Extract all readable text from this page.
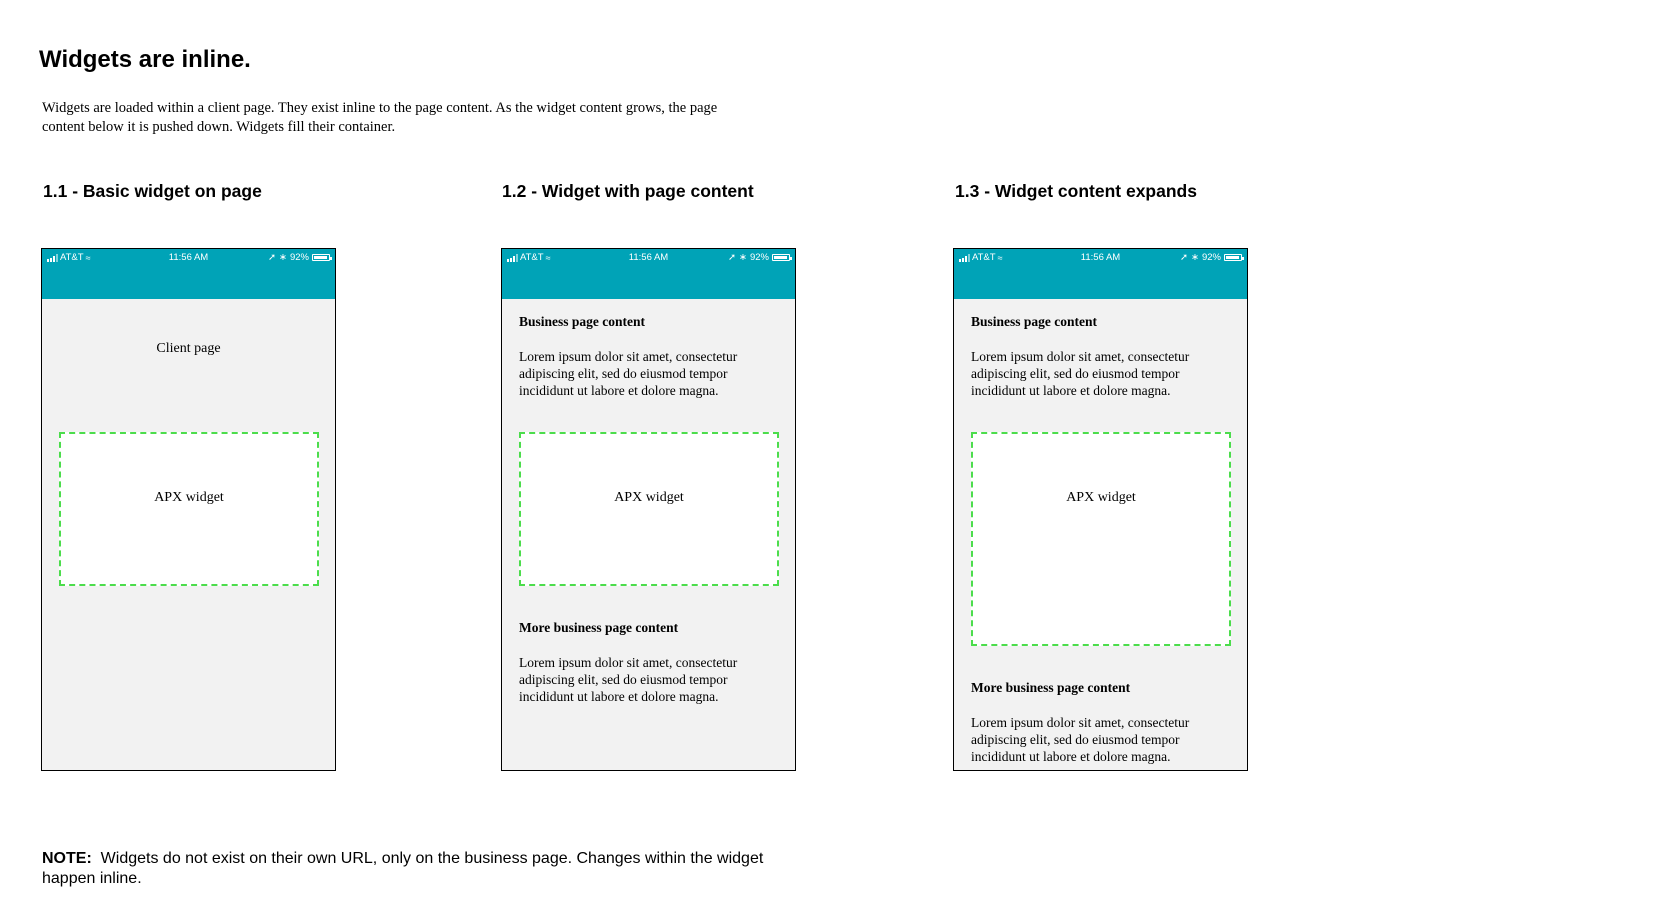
Widgets are inline.

Widgets are loaded within a client page. They exist inline to the page content. As the widget content grows, the page content below it is pushed down. Widgets fill their container.

1.1 - Basic widget on page
AT&T ≈	11:56 AM	➚ ∗ 92%
Client page
APX widget
1.2 - Widget with page content
AT&T ≈	11:56 AM	➚ ∗ 92%
Business page content
Lorem ipsum dolor sit amet, consectetur adipiscing elit, sed do eiusmod tempor incididunt ut labore et dolore magna.
APX widget
More business page content
Lorem ipsum dolor sit amet, consectetur adipiscing elit, sed do eiusmod tempor incididunt ut labore et dolore magna.
1.3 - Widget content expands
AT&T ≈	11:56 AM	➚ ∗ 92%
Business page content
Lorem ipsum dolor sit amet, consectetur adipiscing elit, sed do eiusmod tempor incididunt ut labore et dolore magna.
APX widget
More business page content
Lorem ipsum dolor sit amet, consectetur adipiscing elit, sed do eiusmod tempor incididunt ut labore et dolore magna.

NOTE: Widgets do not exist on their own URL, only on the business page. Changes within the widget happen inline.
